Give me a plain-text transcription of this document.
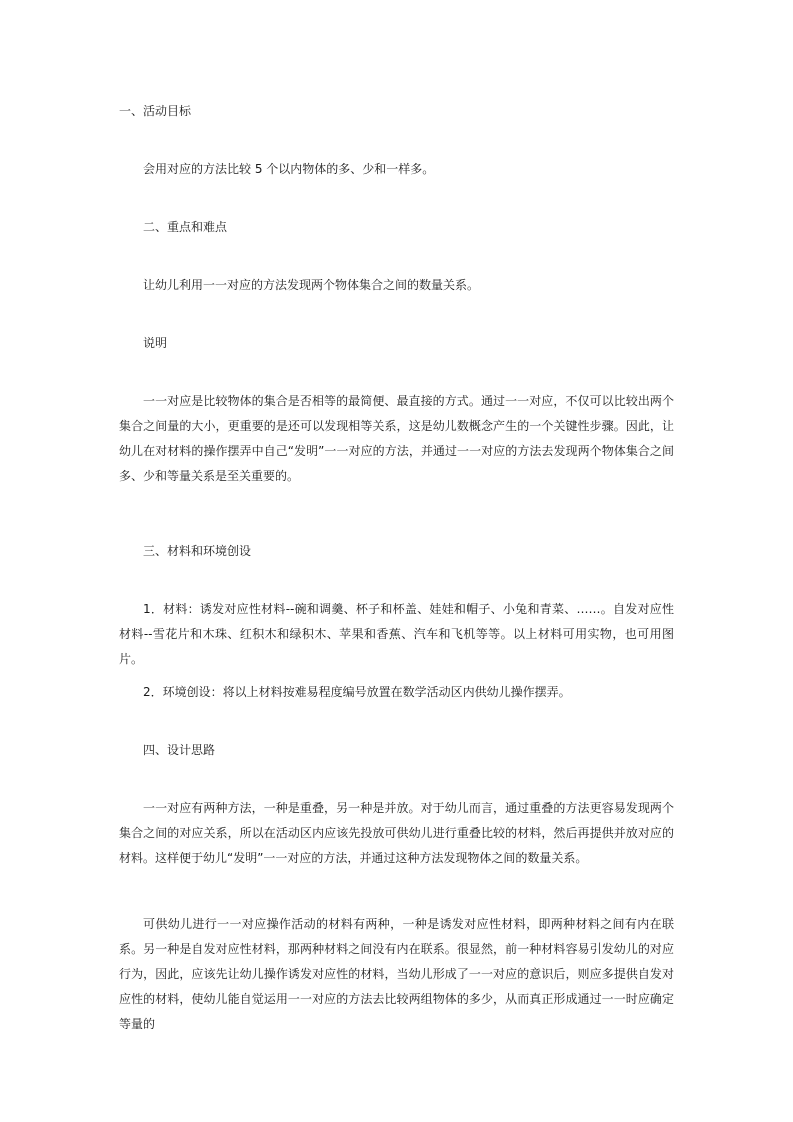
一、活动目标

会用对应的方法比较 5 个以内物体的多、少和一样多。

二、重点和难点

让幼儿利用一一对应的方法发现两个物体集合之间的数量关系。

说明

一一对应是比较物体的集合是否相等的最简便、最直接的方式。通过一一对应，不仅可以比较出两个集合之间量的大小，更重要的是还可以发现相等关系，这是幼儿数概念产生的一个关键性步骤。因此，让幼儿在对材料的操作摆弄中自己“发明”一一对应的方法，并通过一一对应的方法去发现两个物体集合之间多、少和等量关系是至关重要的。

三、材料和环境创设

1．材料：诱发对应性材料--碗和调羹、杯子和杯盖、娃娃和帽子、小兔和青菜、……。自发对应性材料--雪花片和木珠、红积木和绿积木、苹果和香蕉、汽车和飞机等等。以上材料可用实物，也可用图片。

2．环境创设：将以上材料按难易程度编号放置在数学活动区内供幼儿操作摆弄。

四、设计思路

一一对应有两种方法，一种是重叠，另一种是并放。对于幼儿而言，通过重叠的方法更容易发现两个集合之间的对应关系，所以在活动区内应该先投放可供幼儿进行重叠比较的材料，然后再提供并放对应的材料。这样便于幼儿“发明”一一对应的方法，并通过这种方法发现物体之间的数量关系。

可供幼儿进行一一对应操作活动的材料有两种，一种是诱发对应性材料，即两种材料之间有内在联系。另一种是自发对应性材料，那两种材料之间没有内在联系。很显然，前一种材料容易引发幼儿的对应行为，因此，应该先让幼儿操作诱发对应性的材料，当幼儿形成了一一对应的意识后，则应多提供自发对应性的材料，使幼儿能自觉运用一一对应的方法去比较两组物体的多少，从而真正形成通过一一时应确定等量的
